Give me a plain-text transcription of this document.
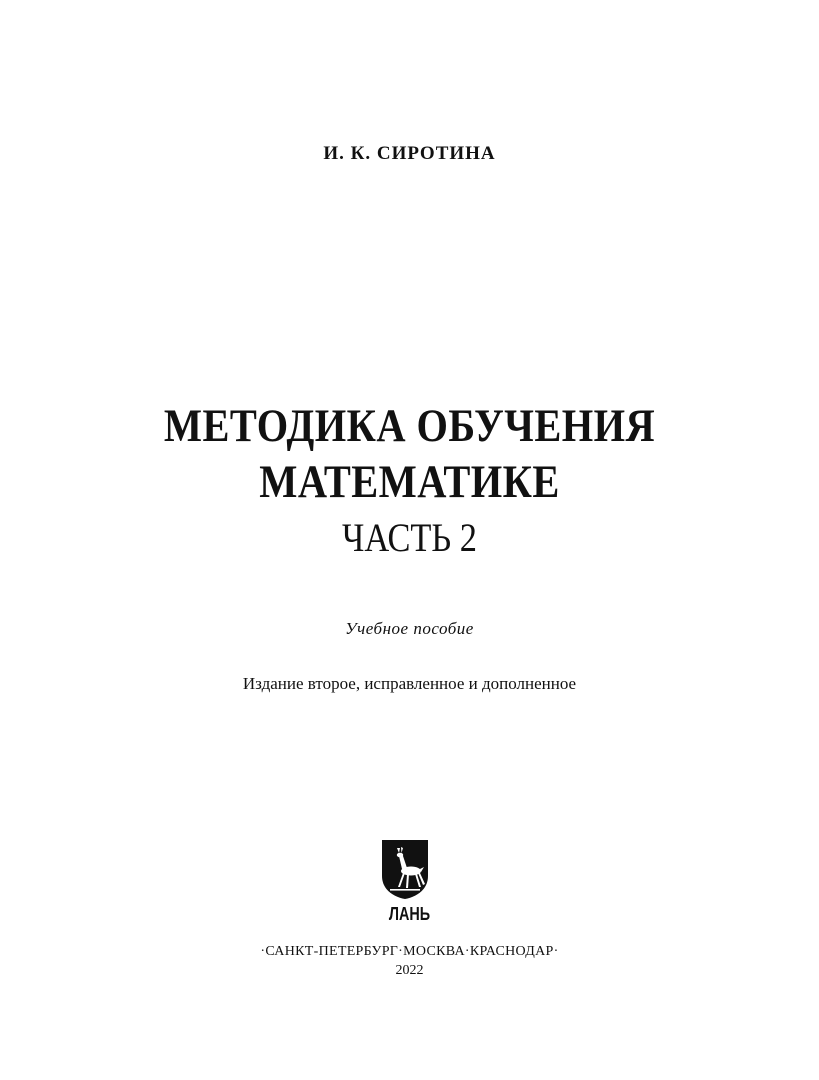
И. К. СИРОТИНА
МЕТОДИКА ОБУЧЕНИЯ
МАТЕМАТИКЕ
ЧАСТЬ 2
Учебное пособие
Издание второе, исправленное и дополненное
ЛАНЬ
·САНКТ-ПЕТЕРБУРГ·МОСКВА·КРАСНОДАР·
2022
